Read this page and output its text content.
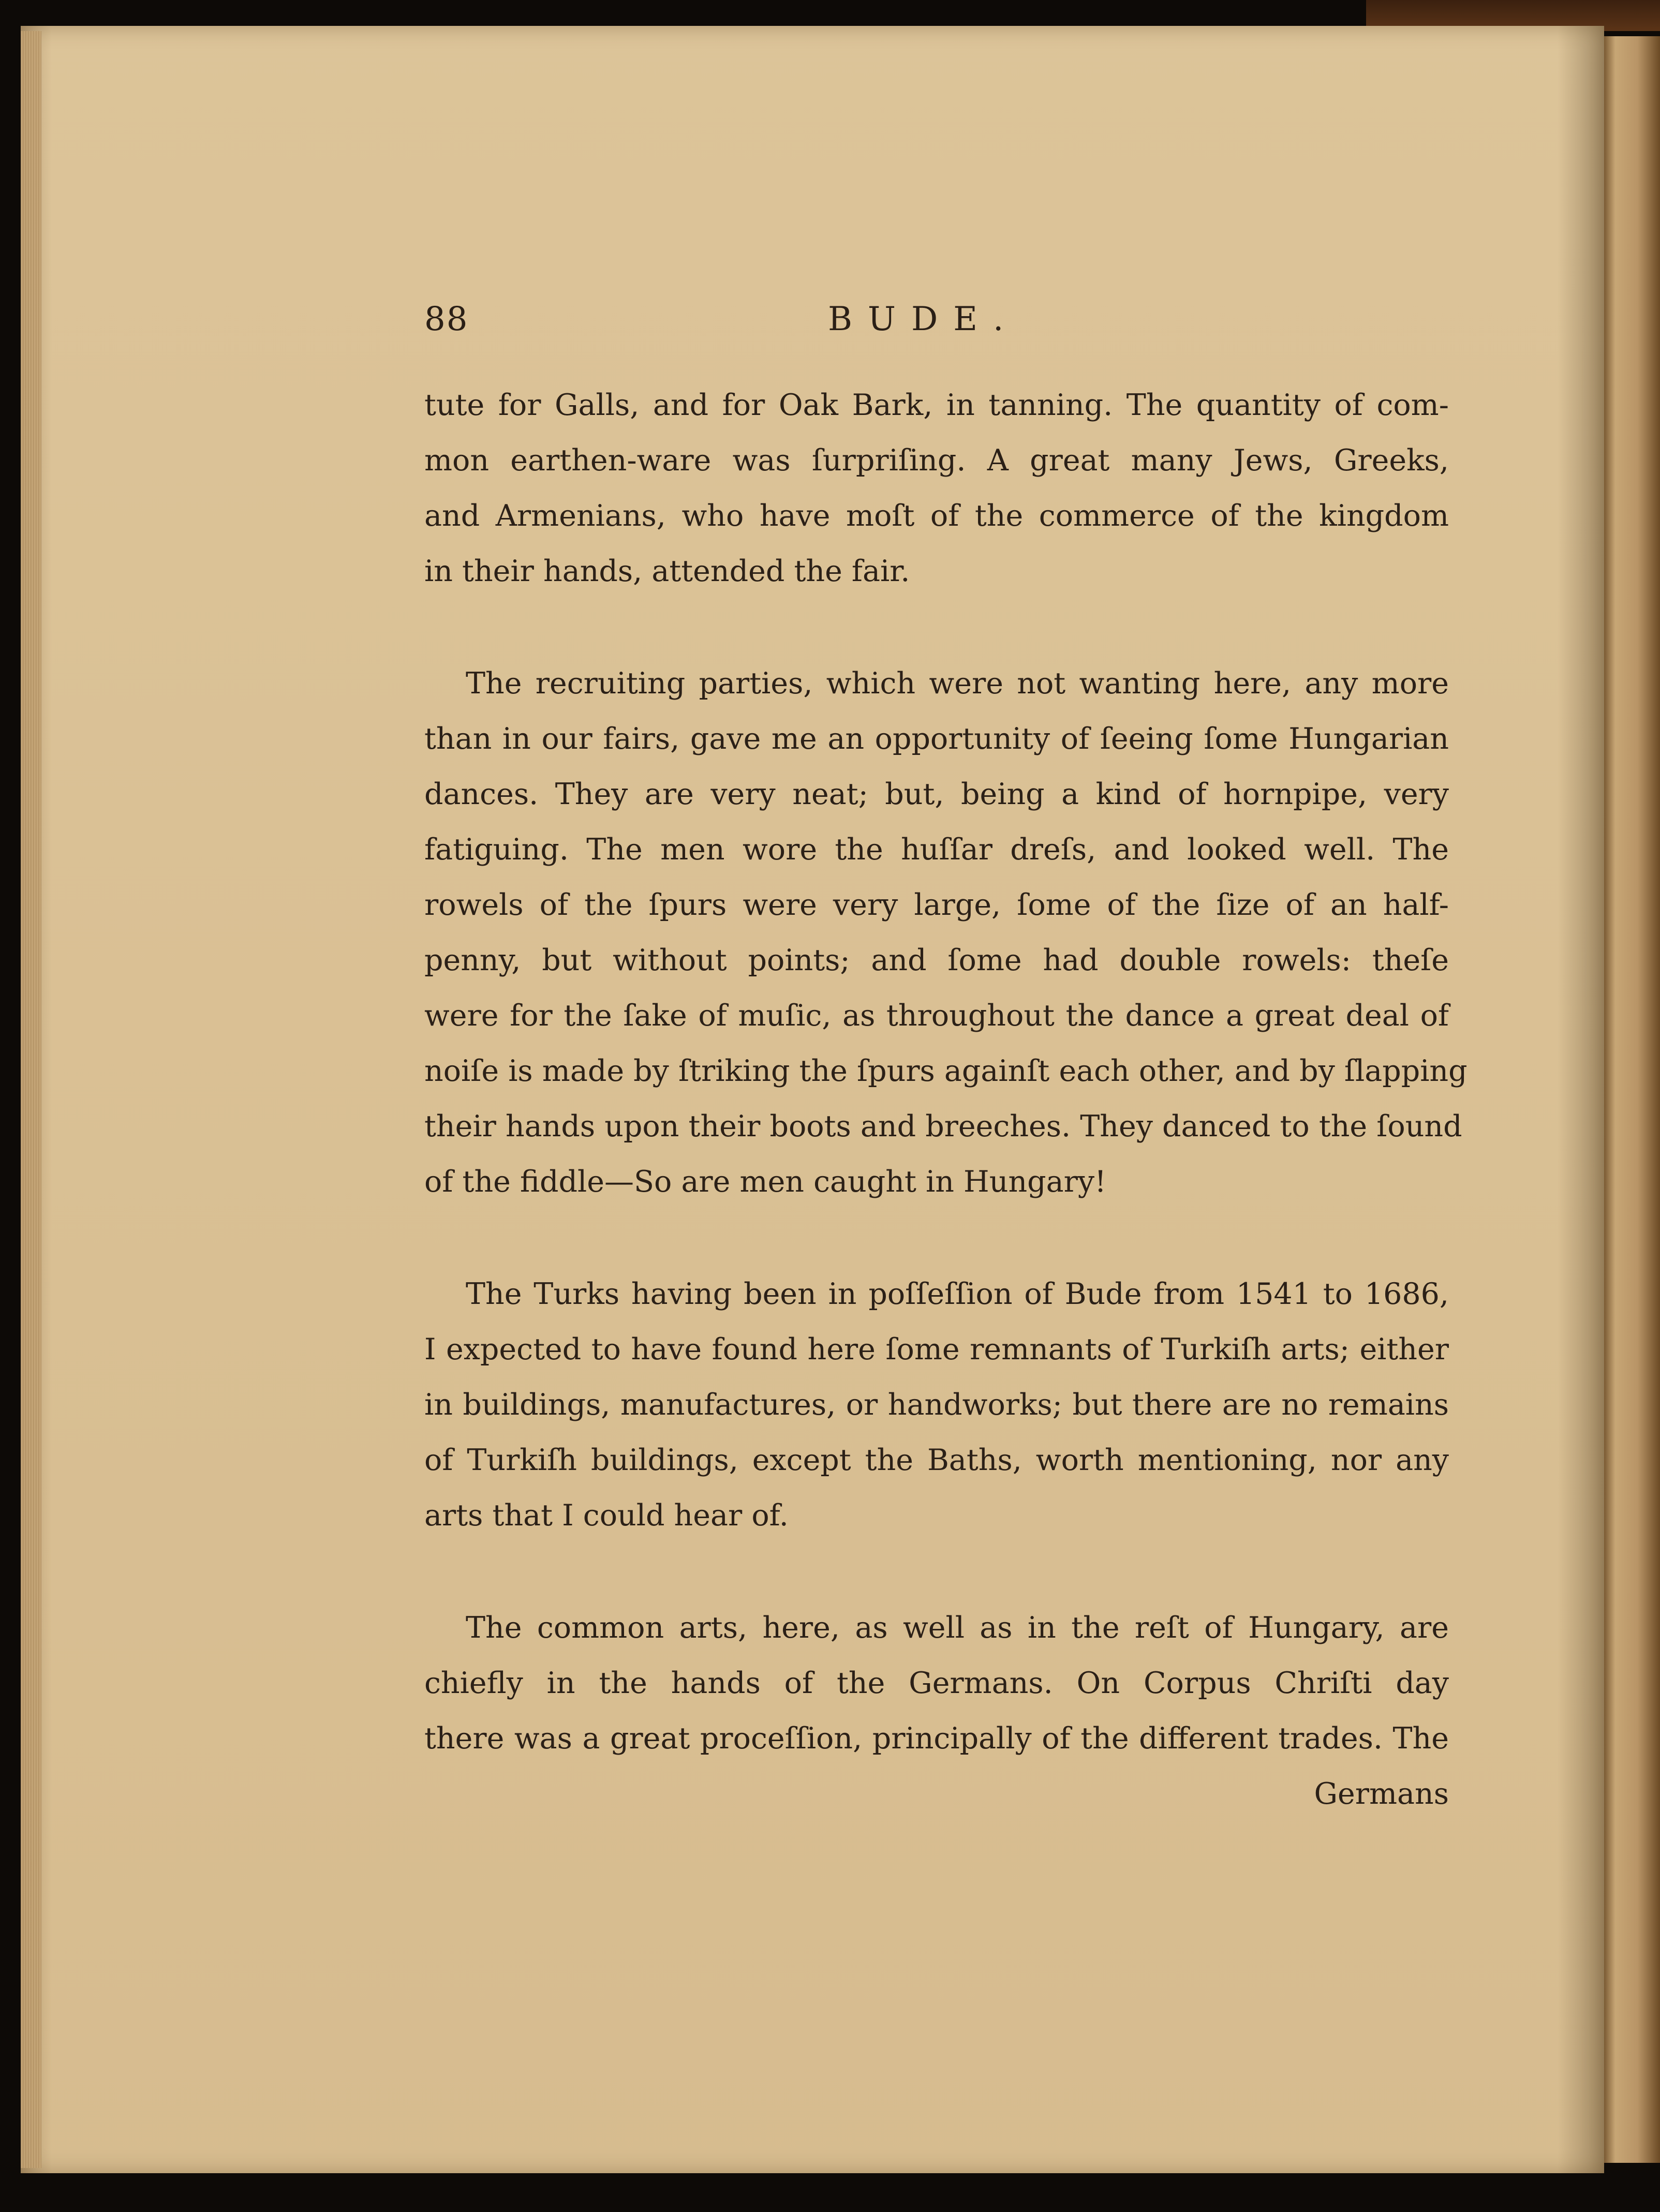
88	BUDE.
tute for Galls, and for Oak Bark, in tanning. The quantity of com-
mon earthen-ware was ſurpriſing. A great many Jews, Greeks,
and Armenians, who have moſt of the commerce of the kingdom
in their hands, attended the fair.
The recruiting parties, which were not wanting here, any more
than in our fairs, gave me an opportunity of ſeeing ſome Hungarian
dances. They are very neat; but, being a kind of hornpipe, very
fatiguing. The men wore the huſſar dreſs, and looked well. The
rowels of the ſpurs were very large, ſome of the ſize of an half-
penny, but without points; and ſome had double rowels: theſe
were for the ſake of muſic, as throughout the dance a great deal of
noiſe is made by ſtriking the ſpurs againſt each other, and by ſlapping
their hands upon their boots and breeches. They danced to the ſound
of the fiddle—So are men caught in Hungary!
The Turks having been in poſſeſſion of Bude from 1541 to 1686,
I expected to have found here ſome remnants of Turkiſh arts; either
in buildings, manufactures, or handworks; but there are no remains
of Turkiſh buildings, except the Baths, worth mentioning, nor any
arts that I could hear of.
The common arts, here, as well as in the reſt of Hungary, are
chiefly in the hands of the Germans. On Corpus Chriſti day
there was a great proceſſion, principally of the different trades. The
Germans
